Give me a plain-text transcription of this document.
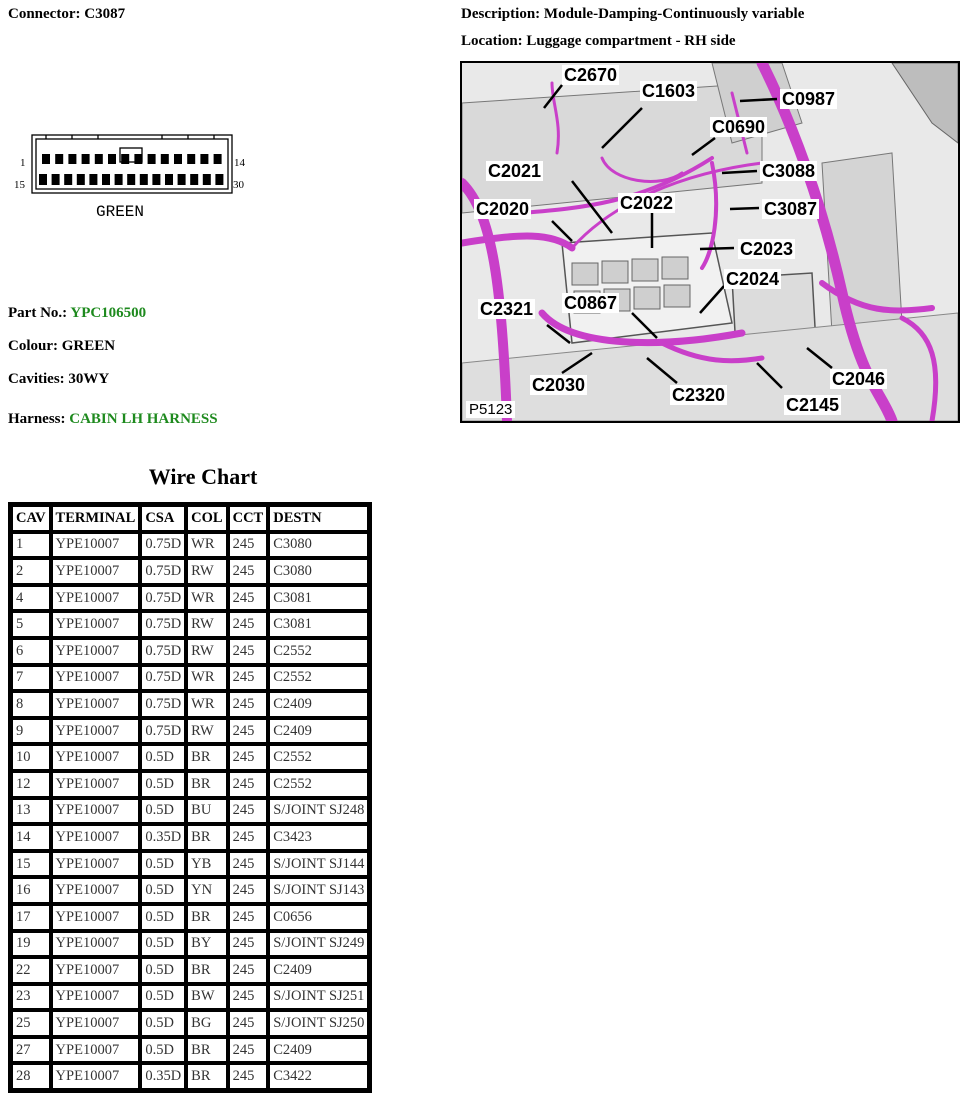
Connector: C3087	Description: Module-Damping-Continuously variable
Location: Luggage compartment - RH side
1	14
15	30
GREEN
Part No.: YPC106500
Colour: GREEN
Cavities: 30WY
Harness: CABIN LH HARNESS
Wire Chart
CAV	TERMINAL	CSA	COL	CCT	DESTN
1	YPE10007	0.75D	WR	245	C3080
2	YPE10007	0.75D	RW	245	C3080
4	YPE10007	0.75D	WR	245	C3081
5	YPE10007	0.75D	RW	245	C3081
6	YPE10007	0.75D	RW	245	C2552
7	YPE10007	0.75D	WR	245	C2552
8	YPE10007	0.75D	WR	245	C2409
9	YPE10007	0.75D	RW	245	C2409
10	YPE10007	0.5D	BR	245	C2552
12	YPE10007	0.5D	BR	245	C2552
13	YPE10007	0.5D	BU	245	S/JOINT SJ248
14	YPE10007	0.35D	BR	245	C3423
15	YPE10007	0.5D	YB	245	S/JOINT SJ144
16	YPE10007	0.5D	YN	245	S/JOINT SJ143
17	YPE10007	0.5D	BR	245	C0656
19	YPE10007	0.5D	BY	245	S/JOINT SJ249
22	YPE10007	0.5D	BR	245	C2409
23	YPE10007	0.5D	BW	245	S/JOINT SJ251
25	YPE10007	0.5D	BG	245	S/JOINT SJ250
27	YPE10007	0.5D	BR	245	C2409
28	YPE10007	0.35D	BR	245	C3422
C2670
C1603	C0987
C0690
C3088
C2021
C3087
C2020	C2022
C2023
C2024
C2321 C0867
C2030	C2320	C2145
C2046
P5123
